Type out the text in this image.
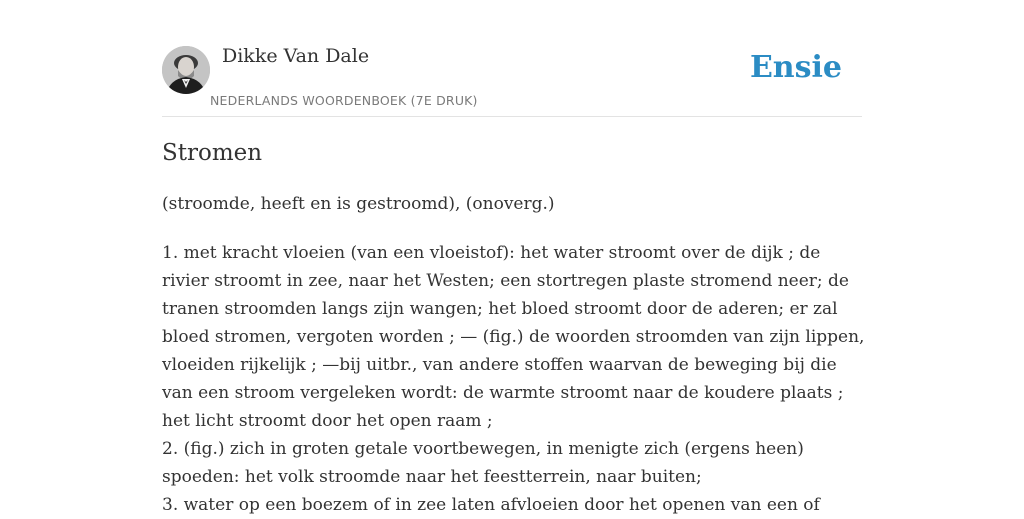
Dikke Van Dale
NEDERLANDS WOORDENBOEK (7E DRUK)
Ensie
Stromen

(stroomde, heeft en is gestroomd), (onoverg.)

1. met kracht vloeien (van een vloeistof): het water stroomt over de dijk ; de
rivier stroomt in zee, naar het Westen; een stortregen plaste stromend neer; de
tranen stroomden langs zijn wangen; het bloed stroomt door de aderen; er zal
bloed stromen, vergoten worden ; — (fig.) de woorden stroomden van zijn lippen,
vloeiden rijkelijk ; —bij uitbr., van andere stoffen waarvan de beweging bij die
van een stroom vergeleken wordt: de warmte stroomt naar de koudere plaats ;
het licht stroomt door het open raam ;
2. (fig.) zich in groten getale voortbewegen, in menigte zich (ergens heen)
spoeden: het volk stroomde naar het feestterrein, naar buiten;
3. water op een boezem of in zee laten afvloeien door het openen van een of
